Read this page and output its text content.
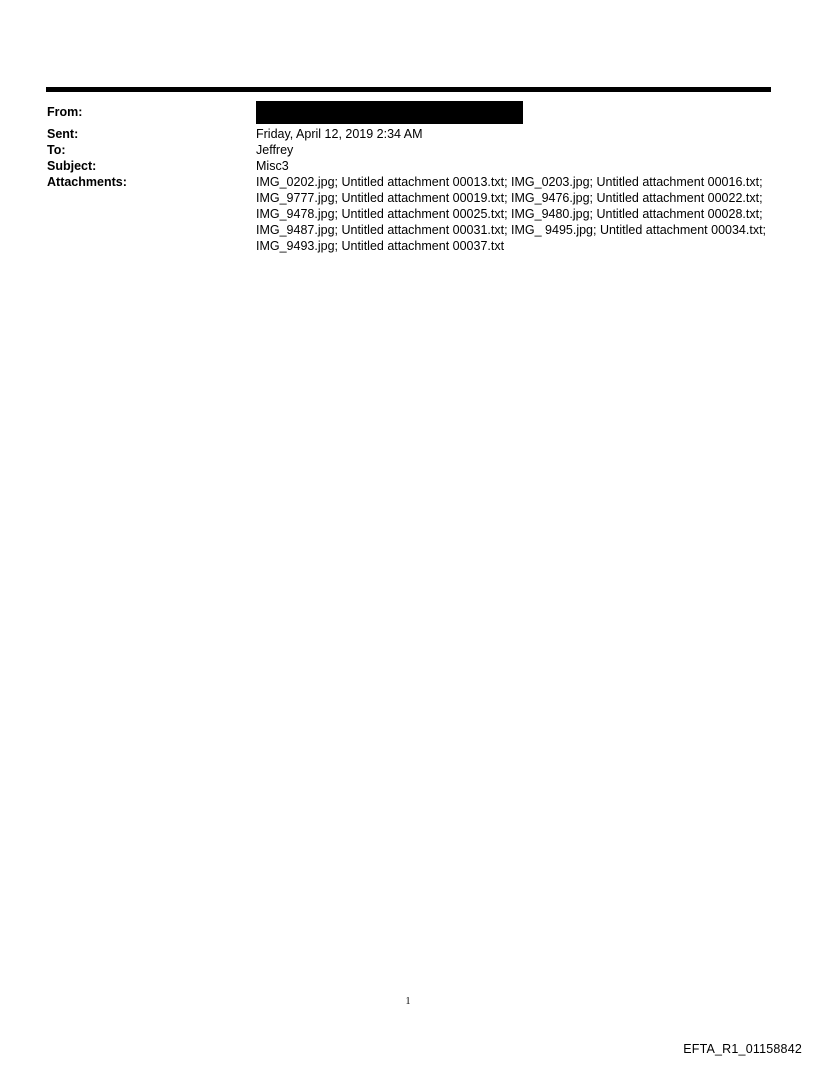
From:
Sent:	Friday, April 12, 2019 2:34 AM
To:	Jeffrey
Subject:	Misc3
Attachments:	IMG_0202.jpg; Untitled attachment 00013.txt; IMG_0203.jpg; Untitled attachment 00016.txt; IMG_9777.jpg; Untitled attachment 00019.txt; IMG_9476.jpg; Untitled attachment 00022.txt; IMG_9478.jpg; Untitled attachment 00025.txt; IMG_9480.jpg; Untitled attachment 00028.txt; IMG_9487.jpg; Untitled attachment 00031.txt; IMG_ 9495.jpg; Untitled attachment 00034.txt; IMG_9493.jpg; Untitled attachment 00037.txt
1
EFTA_R1_01158842
